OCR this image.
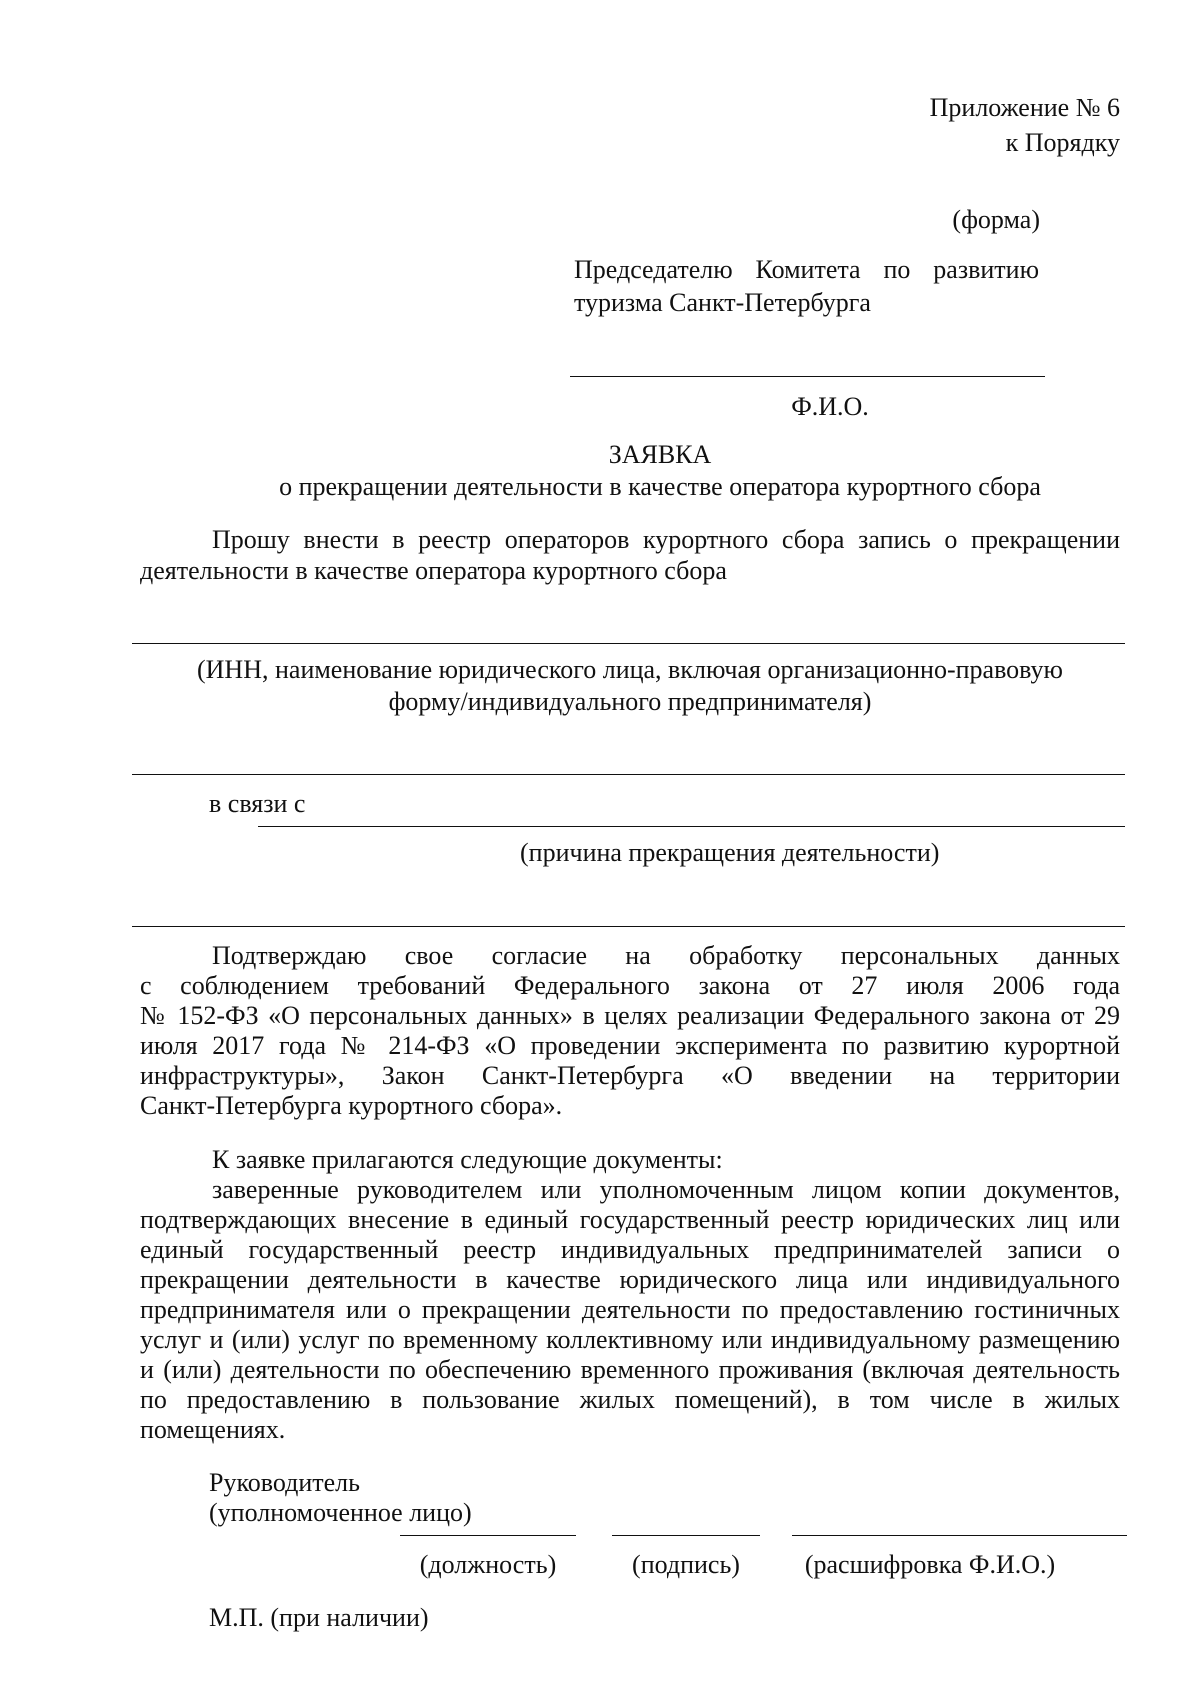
Приложение № 6
к Порядку
(форма)
Председателю Комитета по развитию
туризма Санкт-Петербурга
Ф.И.О.
ЗАЯВКА
о прекращении деятельности в качестве оператора курортного сбора
Прошу внести в реестр операторов курортного сбора запись о прекращении
деятельности в качестве оператора курортного сбора
(ИНН, наименование юридического лица, включая организационно-правовую
форму/индивидуального предпринимателя)
в связи с
(причина прекращения деятельности)
Подтверждаю свое согласие на обработку персональных данных
с соблюдением требований Федерального закона от 27 июля 2006 года
№ 152-ФЗ «О персональных данных» в целях реализации Федерального закона от 29
июля 2017 года № 214-ФЗ «О проведении эксперимента по развитию курортной
инфраструктуры», Закон Санкт-Петербурга «О введении на территории
Санкт-Петербурга курортного сбора».
К заявке прилагаются следующие документы:
заверенные руководителем или уполномоченным лицом копии документов,
подтверждающих внесение в единый государственный реестр юридических лиц или
единый государственный реестр индивидуальных предпринимателей записи о
прекращении деятельности в качестве юридического лица или индивидуального
предпринимателя или о прекращении деятельности по предоставлению гостиничных
услуг и (или) услуг по временному коллективному или индивидуальному размещению
и (или) деятельности по обеспечению временного проживания (включая деятельность
по предоставлению в пользование жилых помещений), в том числе в жилых
помещениях.
Руководитель
(уполномоченное лицо)
(должность)	(подпись)	(расшифровка Ф.И.О.)
М.П. (при наличии)
